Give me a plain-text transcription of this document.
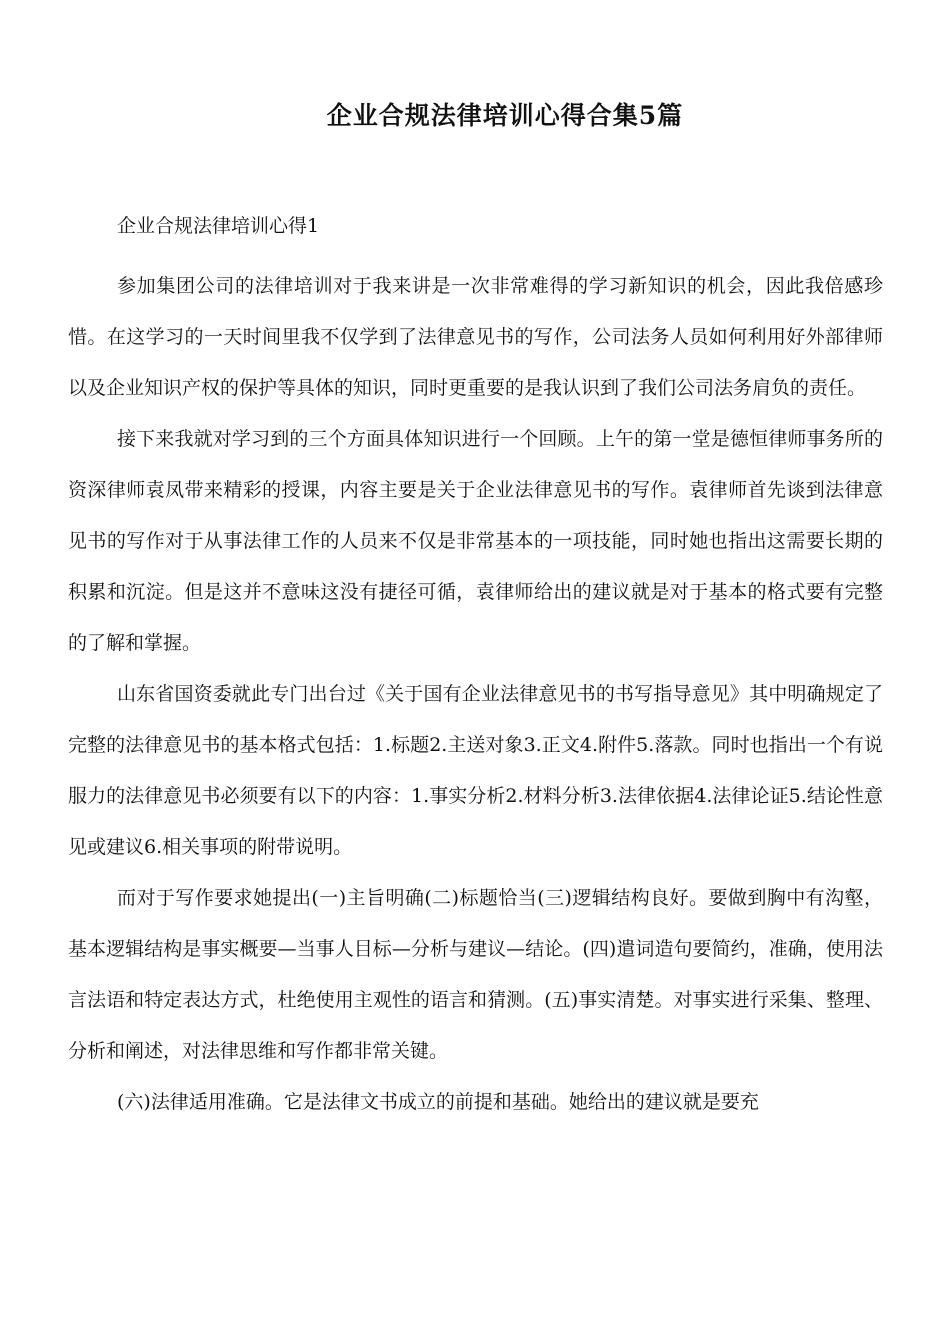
企业合规法律培训心得合集5篇

企业合规法律培训心得1

参加集团公司的法律培训对于我来讲是一次非常难得的学习新知识的机会，因此我倍感珍惜。在这学习的一天时间里我不仅学到了法律意见书的写作，公司法务人员如何利用好外部律师以及企业知识产权的保护等具体的知识，同时更重要的是我认识到了我们公司法务肩负的责任。

接下来我就对学习到的三个方面具体知识进行一个回顾。上午的第一堂是德恒律师事务所的资深律师袁凤带来精彩的授课，内容主要是关于企业法律意见书的写作。袁律师首先谈到法律意见书的写作对于从事法律工作的人员来不仅是非常基本的一项技能，同时她也指出这需要长期的积累和沉淀。但是这并不意味这没有捷径可循，袁律师给出的建议就是对于基本的格式要有完整的了解和掌握。

山东省国资委就此专门出台过《关于国有企业法律意见书的书写指导意见》其中明确规定了完整的法律意见书的基本格式包括：1.标题2.主送对象3.正文4.附件5.落款。同时也指出一个有说服力的法律意见书必须要有以下的内容：1.事实分析2.材料分析3.法律依据4.法律论证5.结论性意见或建议6.相关事项的附带说明。

而对于写作要求她提出(一)主旨明确(二)标题恰当(三)逻辑结构良好。要做到胸中有沟壑，基本逻辑结构是事实概要—当事人目标—分析与建议—结论。(四)遣词造句要简约，准确，使用法言法语和特定表达方式，杜绝使用主观性的语言和猜测。(五)事实清楚。对事实进行采集、整理、分析和阐述，对法律思维和写作都非常关键。

(六)法律适用准确。它是法律文书成立的前提和基础。她给出的建议就是要充
